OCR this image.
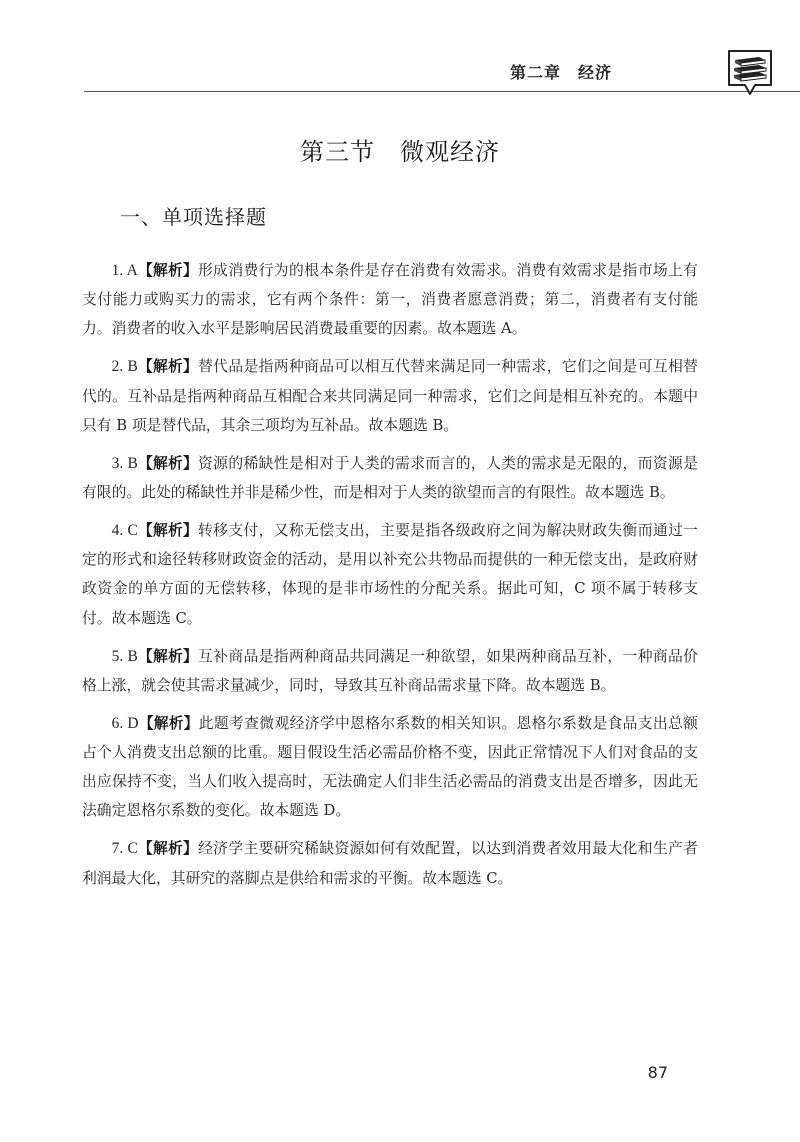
第二章　经济
第三节　微观经济
一、单项选择题

1. A【解析】形成消费行为的根本条件是存在消费有效需求。消费有效需求是指市场上有支付能力或购买力的需求，它有两个条件：第一，消费者愿意消费；第二，消费者有支付能力。消费者的收入水平是影响居民消费最重要的因素。故本题选 A。

2. B【解析】替代品是指两种商品可以相互代替来满足同一种需求，它们之间是可互相替代的。互补品是指两种商品互相配合来共同满足同一种需求，它们之间是相互补充的。本题中只有 B 项是替代品，其余三项均为互补品。故本题选 B。

3. B【解析】资源的稀缺性是相对于人类的需求而言的，人类的需求是无限的，而资源是有限的。此处的稀缺性并非是稀少性，而是相对于人类的欲望而言的有限性。故本题选 B。

4. C【解析】转移支付，又称无偿支出，主要是指各级政府之间为解决财政失衡而通过一定的形式和途径转移财政资金的活动，是用以补充公共物品而提供的一种无偿支出，是政府财政资金的单方面的无偿转移，体现的是非市场性的分配关系。据此可知，C 项不属于转移支付。故本题选 C。

5. B【解析】互补商品是指两种商品共同满足一种欲望，如果两种商品互补，一种商品价格上涨，就会使其需求量减少，同时，导致其互补商品需求量下降。故本题选 B。

6. D【解析】此题考查微观经济学中恩格尔系数的相关知识。恩格尔系数是食品支出总额占个人消费支出总额的比重。题目假设生活必需品价格不变，因此正常情况下人们对食品的支出应保持不变，当人们收入提高时，无法确定人们非生活必需品的消费支出是否增多，因此无法确定恩格尔系数的变化。故本题选 D。

7. C【解析】经济学主要研究稀缺资源如何有效配置，以达到消费者效用最大化和生产者利润最大化，其研究的落脚点是供给和需求的平衡。故本题选 C。

87
